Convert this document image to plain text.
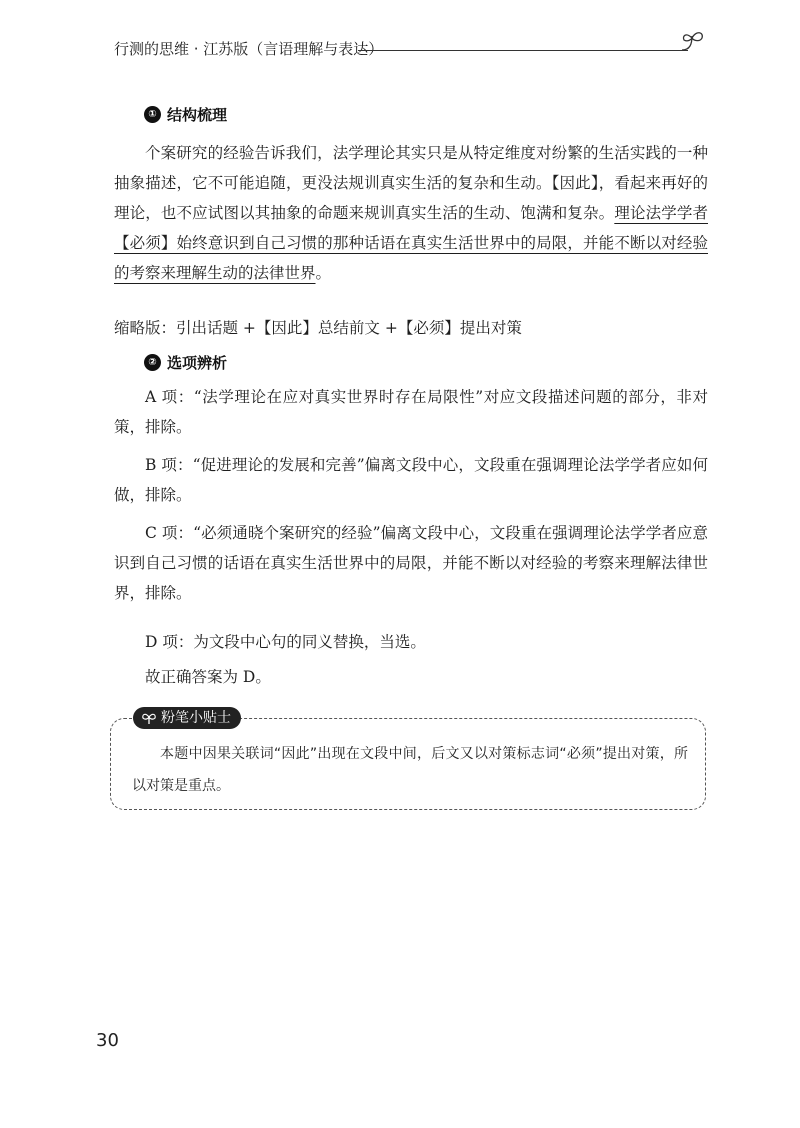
行测的思维 · 江苏版（言语理解与表达）
① 结构梳理

个案研究的经验告诉我们，法学理论其实只是从特定维度对纷繁的生活实践的一种抽象描述，它不可能追随，更没法规训真实生活的复杂和生动。【因此】，看起来再好的理论，也不应试图以其抽象的命题来规训真实生活的生动、饱满和复杂。理论法学学者【必须】始终意识到自己习惯的那种话语在真实生活世界中的局限，并能不断以对经验的考察来理解生动的法律世界。

缩略版：引出话题 +【因此】总结前文 +【必须】提出对策
② 选项辨析

A 项：“法学理论在应对真实世界时存在局限性”对应文段描述问题的部分，非对策，排除。

B 项：“促进理论的发展和完善”偏离文段中心，文段重在强调理论法学学者应如何做，排除。

C 项：“必须通晓个案研究的经验”偏离文段中心，文段重在强调理论法学学者应意识到自己习惯的话语在真实生活世界中的局限，并能不断以对经验的考察来理解法律世界，排除。

D 项：为文段中心句的同义替换，当选。

故正确答案为 D。

粉笔小贴士

本题中因果关联词“因此”出现在文段中间，后文又以对策标志词“必须”提出对策，所以对策是重点。

30
